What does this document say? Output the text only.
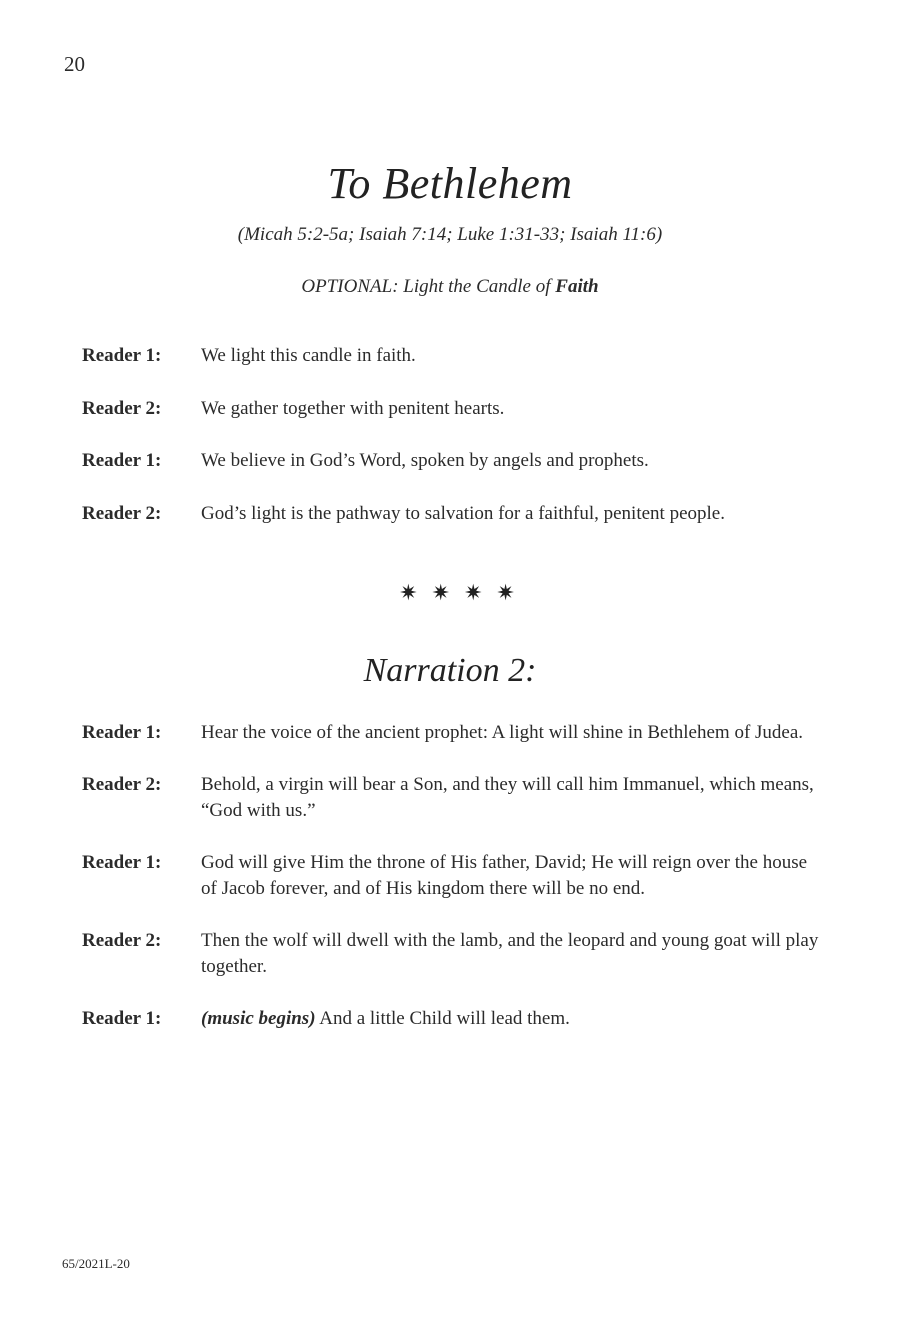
20
To Bethlehem
(Micah 5:2-5a; Isaiah 7:14; Luke 1:31-33; Isaiah 11:6)
OPTIONAL: Light the Candle of Faith
Reader 1:	We light this candle in faith.
Reader 2:	We gather together with penitent hearts.
Reader 1:	We believe in God’s Word, spoken by angels and prophets.
Reader 2:	God’s light is the pathway to salvation for a faithful, penitent people.
✷✷✷✷
Narration 2:
Reader 1:	Hear the voice of the ancient prophet: A light will shine in Bethlehem of Judea.
Reader 2:	Behold, a virgin will bear a Son, and they will call him Immanuel, which means, “God with us.”
Reader 1:	God will give Him the throne of His father, David; He will reign over the house of Jacob forever, and of His kingdom there will be no end.
Reader 2:	Then the wolf will dwell with the lamb, and the leopard and young goat will play together.
Reader 1:	(music begins) And a little Child will lead them.
65/2021L-20
